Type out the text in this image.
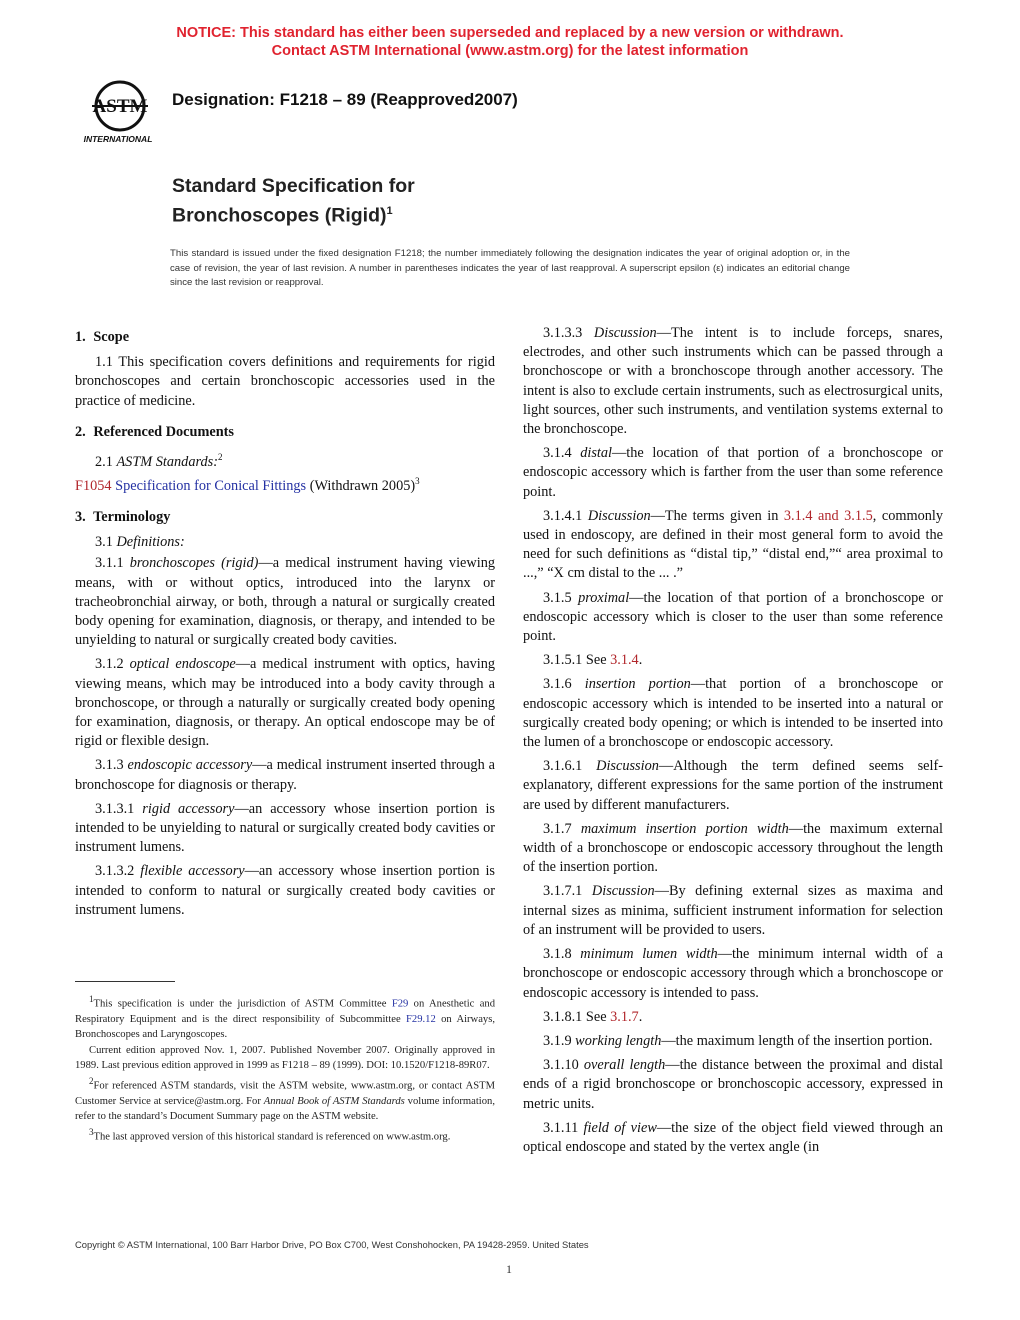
NOTICE: This standard has either been superseded and replaced by a new version or withdrawn.
Contact ASTM International (www.astm.org) for the latest information
ASTM
INTERNATIONAL
Designation: F1218 – 89 (Reapproved2007)
Standard Specification for
Bronchoscopes (Rigid)$^1$
This standard is issued under the fixed designation F1218; the number immediately following the designation indicates the year of original adoption or, in the case of revision, the year of last revision. A number in parentheses indicates the year of last reapproval. A superscript epsilon (ε) indicates an editorial change since the last revision or reapproval.
1. Scope

1.1 This specification covers definitions and requirements for rigid bronchoscopes and certain bronchoscopic accessories used in the practice of medicine.

2. Referenced Documents

2.1 ASTM Standards:$^2$

F1054 Specification for Conical Fittings (Withdrawn 2005)$^3$

3. Terminology

3.1 Definitions:

3.1.1 bronchoscopes (rigid)—a medical instrument having viewing means, with or without optics, introduced into the larynx or tracheobronchial airway, or both, through a natural or surgically created body opening for examination, diagnosis, or therapy, and intended to be unyielding to natural or surgically created body cavities.

3.1.2 optical endoscope—a medical instrument with optics, having viewing means, which may be introduced into a body cavity through a bronchoscope, or through a naturally or surgically created body opening for examination, diagnosis, or therapy. An optical endoscope may be of rigid or flexible design.

3.1.3 endoscopic accessory—a medical instrument inserted through a bronchoscope for diagnosis or therapy.

3.1.3.1 rigid accessory—an accessory whose insertion portion is intended to be unyielding to natural or surgically created body cavities or instrument lumens.

3.1.3.2 flexible accessory—an accessory whose insertion portion is intended to conform to natural or surgically created body cavities or instrument lumens.

3.1.3.3 Discussion—The intent is to include forceps, snares, electrodes, and other such instruments which can be passed through a bronchoscope or with a bronchoscope through another accessory. The intent is also to exclude certain instruments, such as electrosurgical units, light sources, other such instruments, and ventilation systems external to the bronchoscope.

3.1.4 distal—the location of that portion of a bronchoscope or endoscopic accessory which is farther from the user than some reference point.

3.1.4.1 Discussion—The terms given in 3.1.4 and 3.1.5, commonly used in endoscopy, are defined in their most general form to avoid the need for such definitions as “distal tip,” “distal end,”“ area proximal to ...,” “X cm distal to the ... .”

3.1.5 proximal—the location of that portion of a bronchoscope or endoscopic accessory which is closer to the user than some reference point.

3.1.5.1 See 3.1.4.

3.1.6 insertion portion—that portion of a bronchoscope or endoscopic accessory which is intended to be inserted into a natural or surgically created body opening; or which is intended to be inserted into the lumen of a bronchoscope or endoscopic accessory.

3.1.6.1 Discussion—Although the term defined seems self-explanatory, different expressions for the same portion of the instrument are used by different manufacturers.

3.1.7 maximum insertion portion width—the maximum external width of a bronchoscope or endoscopic accessory throughout the length of the insertion portion.

3.1.7.1 Discussion—By defining external sizes as maxima and internal sizes as minima, sufficient instrument information for selection of an instrument will be provided to users.

3.1.8 minimum lumen width—the minimum internal width of a bronchoscope or endoscopic accessory through which a bronchoscope or endoscopic accessory is intended to pass.

3.1.8.1 See 3.1.7.

3.1.9 working length—the maximum length of the insertion portion.

3.1.10 overall length—the distance between the proximal and distal ends of a rigid bronchoscope or bronchoscopic accessory, expressed in metric units.

3.1.11 field of view—the size of the object field viewed through an optical endoscope and stated by the vertex angle (in

$^1$This specification is under the jurisdiction of ASTM Committee F29 on Anesthetic and Respiratory Equipment and is the direct responsibility of Subcommittee F29.12 on Airways, Bronchoscopes and Laryngoscopes.

Current edition approved Nov. 1, 2007. Published November 2007. Originally approved in 1989. Last previous edition approved in 1999 as F1218 – 89 (1999). DOI: 10.1520/F1218-89R07.

$^2$For referenced ASTM standards, visit the ASTM website, www.astm.org, or contact ASTM Customer Service at service@astm.org. For Annual Book of ASTM Standards volume information, refer to the standard’s Document Summary page on the ASTM website.

$^3$The last approved version of this historical standard is referenced on www.astm.org.

Copyright © ASTM International, 100 Barr Harbor Drive, PO Box C700, West Conshohocken, PA 19428-2959. United States
1
